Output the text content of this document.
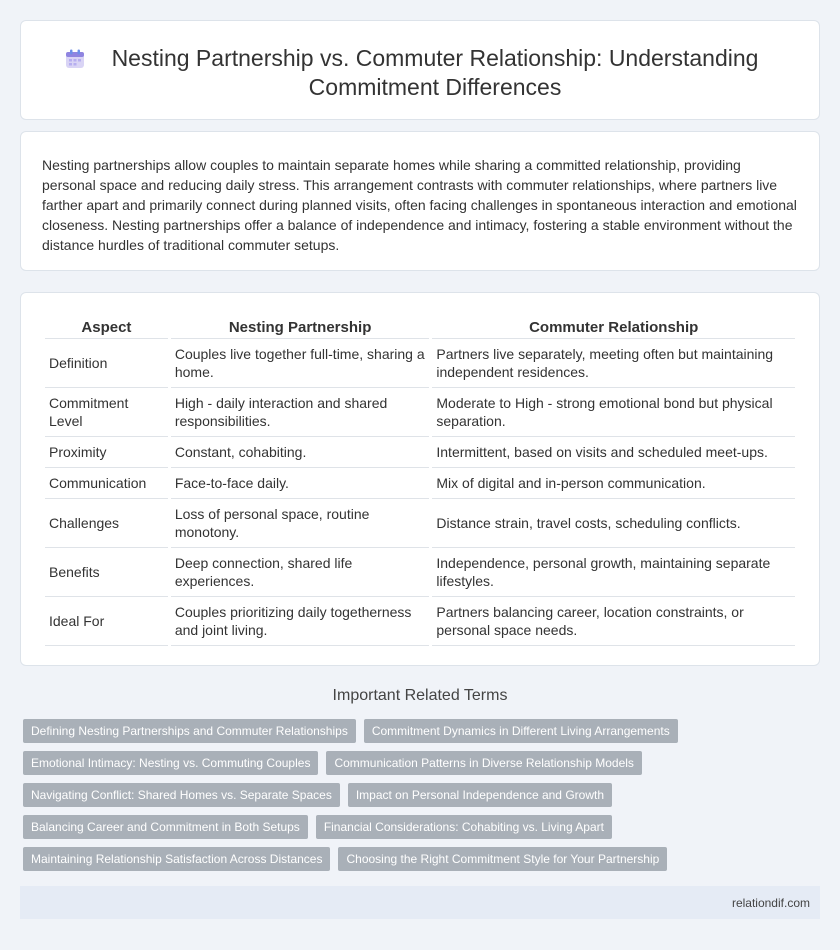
Nesting Partnership vs. Commuter Relationship: Understanding Commitment Differences

Nesting partnerships allow couples to maintain separate homes while sharing a committed relationship, providing personal space and reducing daily stress. This arrangement contrasts with commuter relationships, where partners live farther apart and primarily connect during planned visits, often facing challenges in spontaneous interaction and emotional closeness. Nesting partnerships offer a balance of independence and intimacy, fostering a stable environment without the distance hurdles of traditional commuter setups.

Aspect	Nesting Partnership	Commuter Relationship
Definition	Couples live together full-time, sharing a home.	Partners live separately, meeting often but maintaining independent residences.
Commitment Level	High - daily interaction and shared responsibilities.	Moderate to High - strong emotional bond but physical separation.
Proximity	Constant, cohabiting.	Intermittent, based on visits and scheduled meet-ups.
Communication	Face-to-face daily.	Mix of digital and in-person communication.
Challenges	Loss of personal space, routine monotony.	Distance strain, travel costs, scheduling conflicts.
Benefits	Deep connection, shared life experiences.	Independence, personal growth, maintaining separate lifestyles.
Ideal For	Couples prioritizing daily togetherness and joint living.	Partners balancing career, location constraints, or personal space needs.
Important Related Terms
Defining Nesting Partnerships and Commuter Relationships	Commitment Dynamics in Different Living Arrangements
Emotional Intimacy: Nesting vs. Commuting Couples	Communication Patterns in Diverse Relationship Models
Navigating Conflict: Shared Homes vs. Separate Spaces	Impact on Personal Independence and Growth
Balancing Career and Commitment in Both Setups	Financial Considerations: Cohabiting vs. Living Apart
Maintaining Relationship Satisfaction Across Distances	Choosing the Right Commitment Style for Your Partnership
relationdif.com
